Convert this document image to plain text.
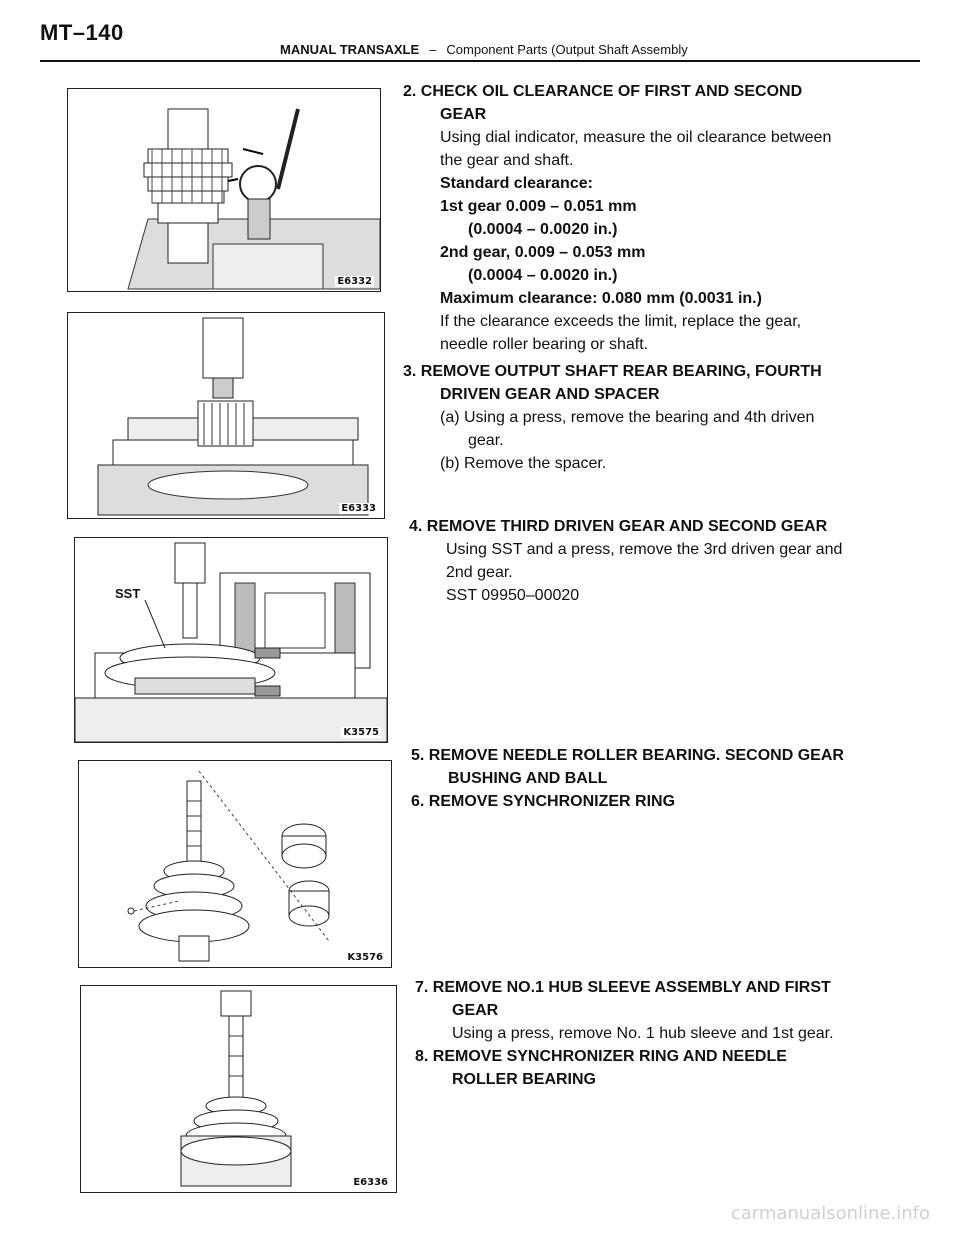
MT–140
MANUAL TRANSAXLE – Component Parts (Output Shaft Assembly
E6332
2. CHECK OIL CLEARANCE OF FIRST AND SECOND
GEAR
Using dial indicator, measure the oil clearance between
the gear and shaft.
Standard clearance:
1st gear 0.009 – 0.051 mm
(0.0004 – 0.0020 in.)
2nd gear, 0.009 – 0.053 mm
(0.0004 – 0.0020 in.)
Maximum clearance: 0.080 mm (0.0031 in.)
If the clearance exceeds the limit, replace the gear,
needle roller bearing or shaft.
E6333
3. REMOVE OUTPUT SHAFT REAR BEARING, FOURTH
DRIVEN GEAR AND SPACER
(a) Using a press, remove the bearing and 4th driven
gear.
(b) Remove the spacer.
SST
K3575
4. REMOVE THIRD DRIVEN GEAR AND SECOND GEAR
Using SST and a press, remove the 3rd driven gear and
2nd gear.
SST 09950–00020
K3576
5. REMOVE NEEDLE ROLLER BEARING. SECOND GEAR
BUSHING AND BALL
6. REMOVE SYNCHRONIZER RING
E6336
7. REMOVE NO.1 HUB SLEEVE ASSEMBLY AND FIRST
GEAR
Using a press, remove No. 1 hub sleeve and 1st gear.
8. REMOVE SYNCHRONIZER RING AND NEEDLE
ROLLER BEARING
carmanualsonline.info
